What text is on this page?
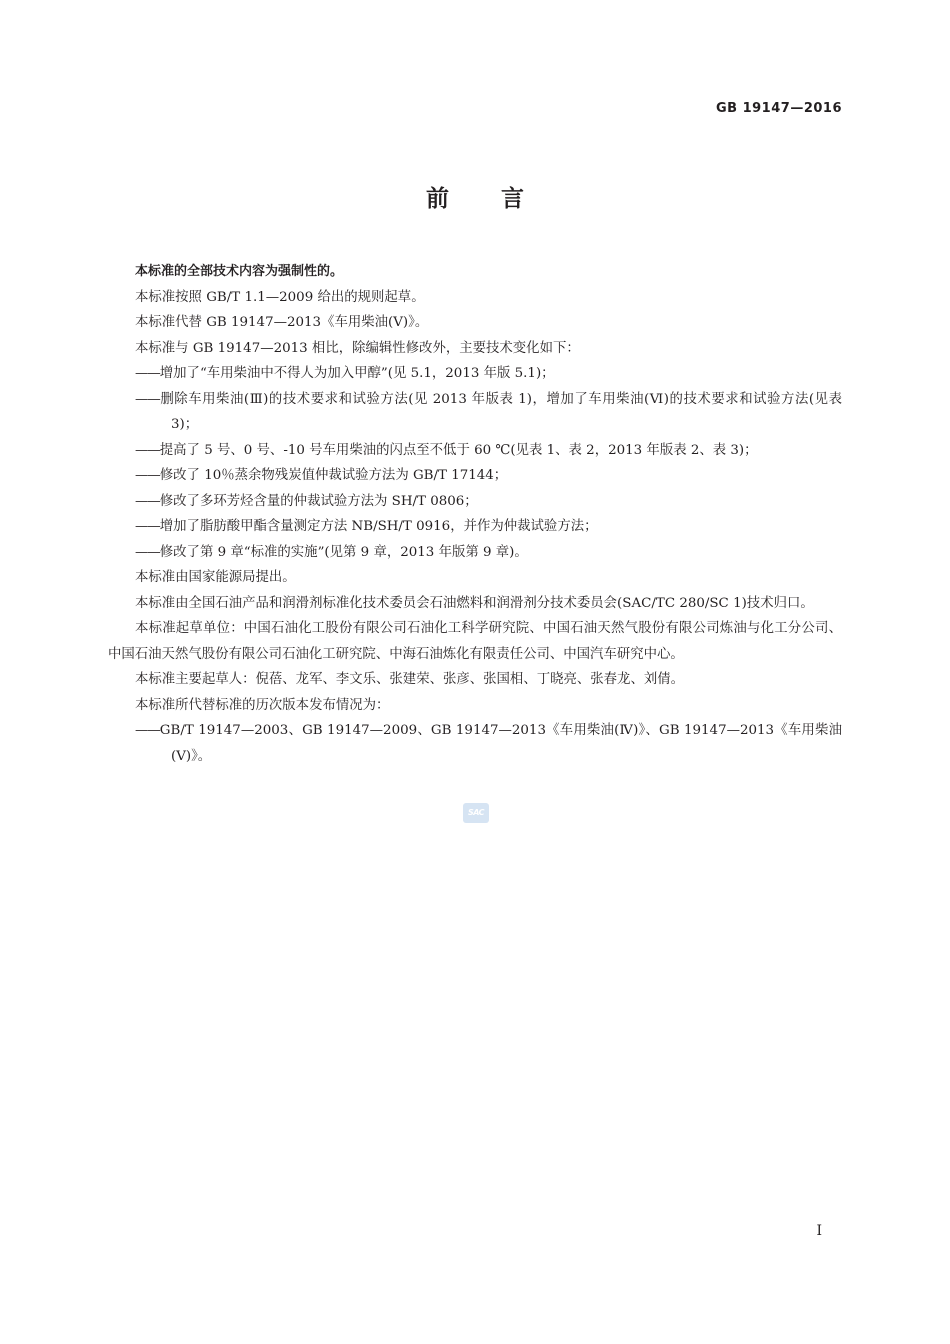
GB 19147—2016
前言

本标准的全部技术内容为强制性的。

本标准按照 GB/T 1.1—2009 给出的规则起草。

本标准代替 GB 19147—2013《车用柴油(Ⅴ)》。

本标准与 GB 19147—2013 相比，除编辑性修改外，主要技术变化如下：

——增加了“车用柴油中不得人为加入甲醇”(见 5.1，2013 年版 5.1)；

——删除车用柴油(Ⅲ)的技术要求和试验方法(见 2013 年版表 1)，增加了车用柴油(Ⅵ)的技术要求和试验方法(见表 3)；

——提高了 5 号、0 号、-10 号车用柴油的闪点至不低于 60 ℃(见表 1、表 2，2013 年版表 2、表 3)；

——修改了 10％蒸余物残炭值仲裁试验方法为 GB/T 17144；

——修改了多环芳烃含量的仲裁试验方法为 SH/T 0806；

——增加了脂肪酸甲酯含量测定方法 NB/SH/T 0916，并作为仲裁试验方法；

——修改了第 9 章“标准的实施”(见第 9 章，2013 年版第 9 章)。

本标准由国家能源局提出。

本标准由全国石油产品和润滑剂标准化技术委员会石油燃料和润滑剂分技术委员会(SAC/TC 280/SC 1)技术归口。

本标准起草单位：中国石油化工股份有限公司石油化工科学研究院、中国石油天然气股份有限公司炼油与化工分公司、中国石油天然气股份有限公司石油化工研究院、中海石油炼化有限责任公司、中国汽车研究中心。

本标准主要起草人：倪蓓、龙军、李文乐、张建荣、张彦、张国相、丁晓亮、张春龙、刘倩。

本标准所代替标准的历次版本发布情况为：

——GB/T 19147—2003、GB 19147—2009、GB 19147—2013《车用柴油(Ⅳ)》、GB 19147—2013《车用柴油(Ⅴ)》。

SAC
Ⅰ
